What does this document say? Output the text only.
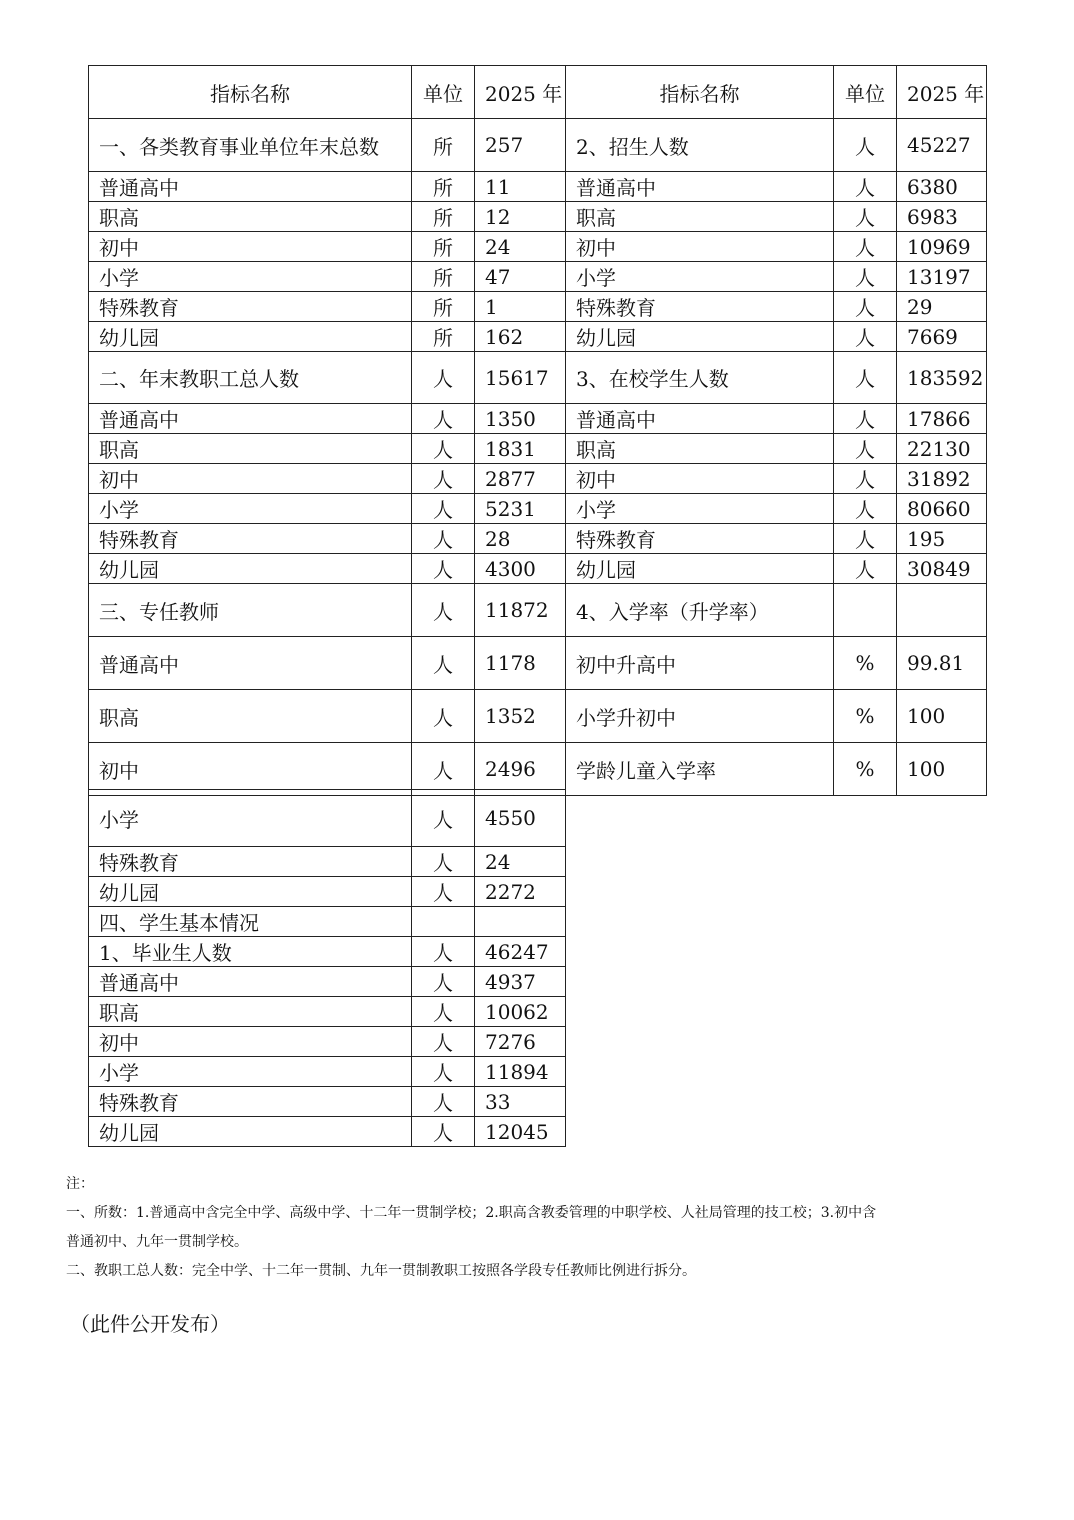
指标名称	单位	2025 年	指标名称	单位	2025 年
一、各类教育事业单位年末总数	所	257	2、招生人数	人	45227
普通高中	所	11	普通高中	人	6380
职高	所	12	职高	人	6983
初中	所	24	初中	人	10969
小学	所	47	小学	人	13197
特殊教育	所	1	特殊教育	人	29
幼儿园	所	162	幼儿园	人	7669
二、年末教职工总人数	人	15617	3、在校学生人数	人	183592
普通高中	人	1350	普通高中	人	17866
职高	人	1831	职高	人	22130
初中	人	2877	初中	人	31892
小学	人	5231	小学	人	80660
特殊教育	人	28	特殊教育	人	195
幼儿园	人	4300	幼儿园	人	30849
三、专任教师	人	11872	4、入学率（升学率）		
普通高中	人	1178	初中升高中	%	99.81
职高	人	1352	小学升初中	%	100
初中	人	2496	学龄儿童入学率	%	100
小学	人	4550
特殊教育	人	24
幼儿园	人	2272
四、学生基本情况		
1、毕业生人数	人	46247
普通高中	人	4937
职高	人	10062
初中	人	7276
小学	人	11894
特殊教育	人	33
幼儿园	人	12045
注：
一、所数：1.普通高中含完全中学、高级中学、十二年一贯制学校；2.职高含教委管理的中职学校、人社局管理的技工校；3.初中含
普通初中、九年一贯制学校。
二、教职工总人数：完全中学、十二年一贯制、九年一贯制教职工按照各学段专任教师比例进行拆分。
（此件公开发布）
